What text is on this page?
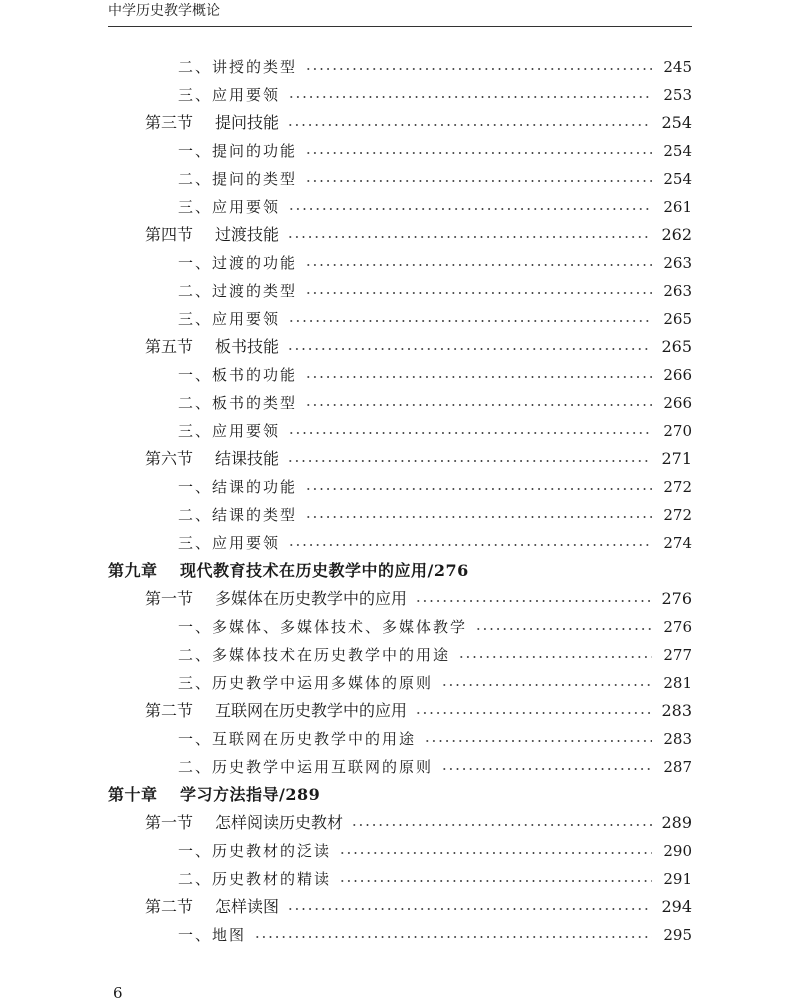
中学历史教学概论
二、讲授的类型	245
三、应用要领	253
第三节 提问技能	254
一、提问的功能	254
二、提问的类型	254
三、应用要领	261
第四节 过渡技能	262
一、过渡的功能	263
二、过渡的类型	263
三、应用要领	265
第五节 板书技能	265
一、板书的功能	266
二、板书的类型	266
三、应用要领	270
第六节 结课技能	271
一、结课的功能	272
二、结课的类型	272
三、应用要领	274
第九章 现代教育技术在历史教学中的应用/276
第一节 多媒体在历史教学中的应用	276
一、多媒体、多媒体技术、多媒体教学	276
二、多媒体技术在历史教学中的用途	277
三、历史教学中运用多媒体的原则	281
第二节 互联网在历史教学中的应用	283
一、互联网在历史教学中的用途	283
二、历史教学中运用互联网的原则	287
第十章 学习方法指导/289
第一节 怎样阅读历史教材	289
一、历史教材的泛读	290
二、历史教材的精读	291
第二节 怎样读图	294
一、地图	295
6
